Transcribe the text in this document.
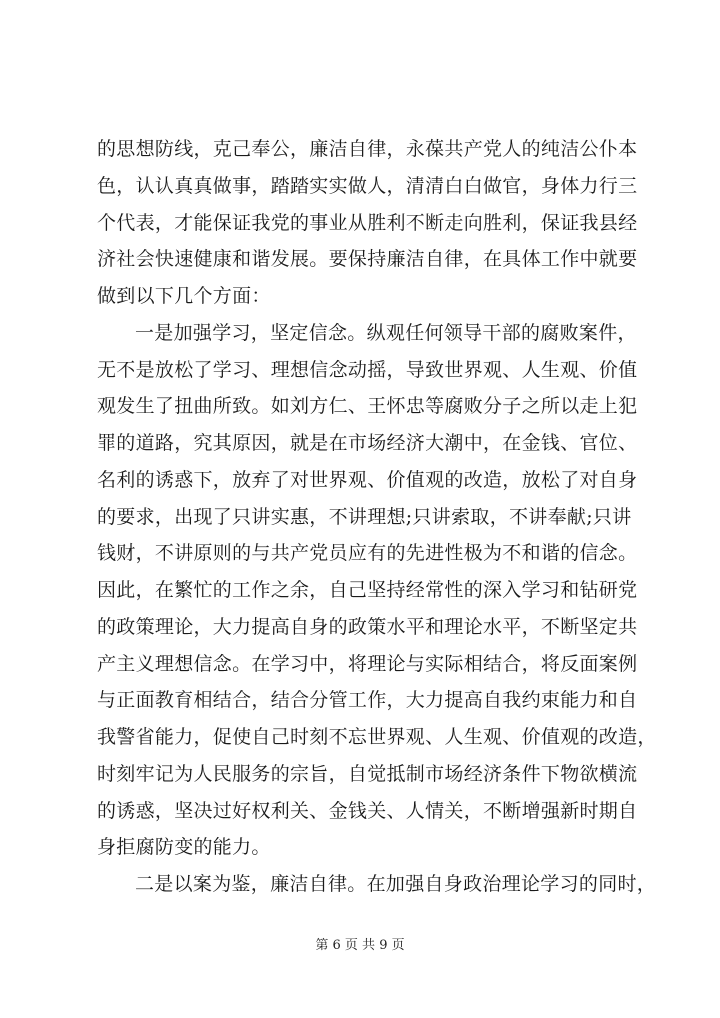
的思想防线，克己奉公，廉洁自律，永葆共产党人的纯洁公仆本
色，认认真真做事，踏踏实实做人，清清白白做官，身体力行三
个代表，才能保证我党的事业从胜利不断走向胜利，保证我县经
济社会快速健康和谐发展。要保持廉洁自律，在具体工作中就要
做到以下几个方面：
一是加强学习，坚定信念。纵观任何领导干部的腐败案件，
无不是放松了学习、理想信念动摇，导致世界观、人生观、价值
观发生了扭曲所致。如刘方仁、王怀忠等腐败分子之所以走上犯
罪的道路，究其原因，就是在市场经济大潮中，在金钱、官位、
名利的诱惑下，放弃了对世界观、价值观的改造，放松了对自身
的要求，出现了只讲实惠，不讲理想;只讲索取，不讲奉献;只讲
钱财，不讲原则的与共产党员应有的先进性极为不和谐的信念。
因此，在繁忙的工作之余，自己坚持经常性的深入学习和钻研党
的政策理论，大力提高自身的政策水平和理论水平，不断坚定共
产主义理想信念。在学习中，将理论与实际相结合，将反面案例
与正面教育相结合，结合分管工作，大力提高自我约束能力和自
我警省能力，促使自己时刻不忘世界观、人生观、价值观的改造，
时刻牢记为人民服务的宗旨，自觉抵制市场经济条件下物欲横流
的诱惑，坚决过好权利关、金钱关、人情关，不断增强新时期自
身拒腐防变的能力。
二是以案为鉴，廉洁自律。在加强自身政治理论学习的同时，
第 6 页 共 9 页
